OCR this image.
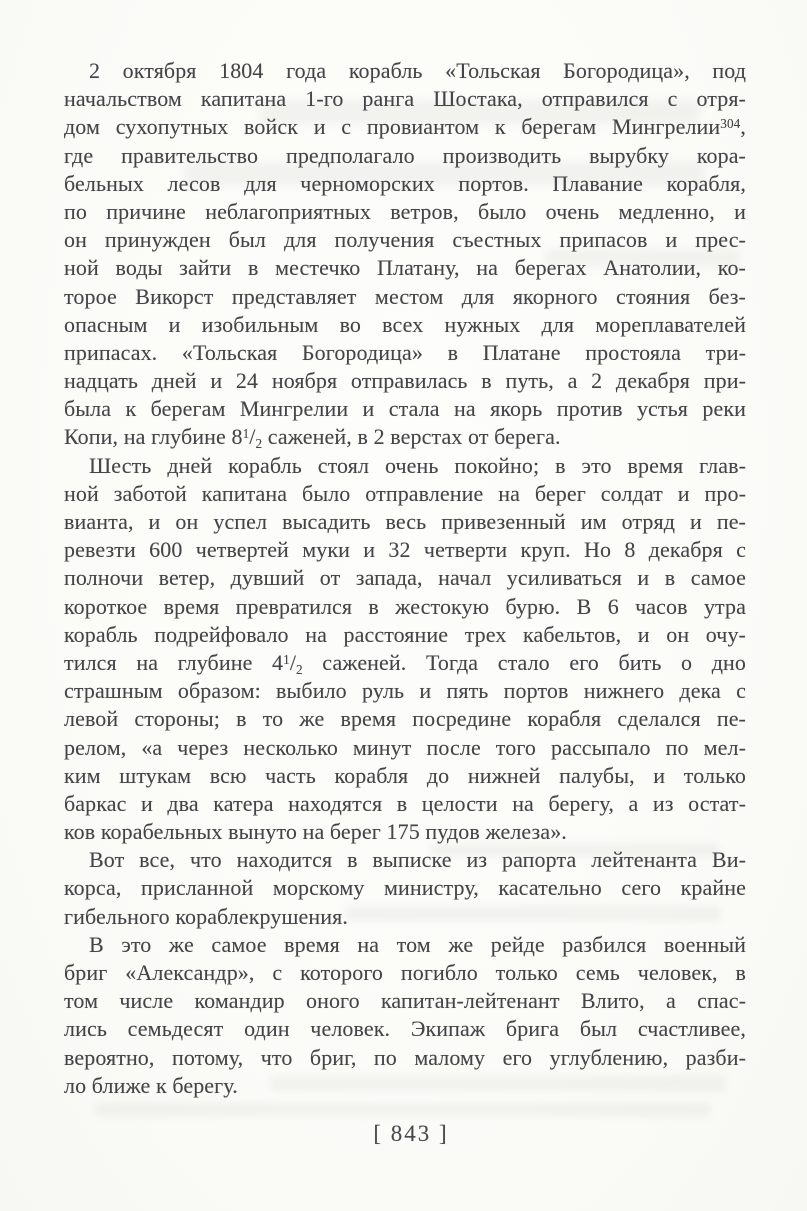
2 октября 1804 года корабль «Тольская Богородица», под
начальством капитана 1-го ранга Шостака, отправился с отря-
дом сухопутных войск и с провиантом к берегам Мингрелии$^{304}$,
где правительство предполагало производить вырубку кора-
бельных лесов для черноморских портов. Плавание корабля,
по причине неблагоприятных ветров, было очень медленно, и
он принужден был для получения съестных припасов и прес-
ной воды зайти в местечко Платану, на берегах Анатолии, ко-
торое Викорст представляет местом для якорного стояния без-
опасным и изобильным во всех нужных для мореплавателей
припасах. «Тольская Богородица» в Платане простояла три-
надцать дней и 24 ноября отправилась в путь, а 2 декабря при-
была к берегам Мингрелии и стала на якорь против устья реки
Копи, на глубине $8^1/_2$ саженей, в 2 верстах от берега.
Шесть дней корабль стоял очень покойно; в это время глав-
ной заботой капитана было отправление на берег солдат и про-
вианта, и он успел высадить весь привезенный им отряд и пе-
ревезти 600 четвертей муки и 32 четверти круп. Но 8 декабря с
полночи ветер, дувший от запада, начал усиливаться и в самое
короткое время превратился в жестокую бурю. В 6 часов утра
корабль подрейфовало на расстояние трех кабельтов, и он очу-
тился на глубине $4^1/_2$ саженей. Тогда стало его бить о дно
страшным образом: выбило руль и пять портов нижнего дека с
левой стороны; в то же время посредине корабля сделался пе-
релом, «а через несколько минут после того рассыпало по мел-
ким штукам всю часть корабля до нижней палубы, и только
баркас и два катера находятся в целости на берегу, а из остат-
ков корабельных вынуто на берег 175 пудов железа».
Вот все, что находится в выписке из рапорта лейтенанта Ви-
корса, присланной морскому министру, касательно сего крайне
гибельного кораблекрушения.
В это же самое время на том же рейде разбился военный
бриг «Александр», с которого погибло только семь человек, в
том числе командир оного капитан-лейтенант Влито, а спас-
лись семьдесят один человек. Экипаж брига был счастливее,
вероятно, потому, что бриг, по малому его углублению, разби-
ло ближе к берегу.
[ 843 ]
